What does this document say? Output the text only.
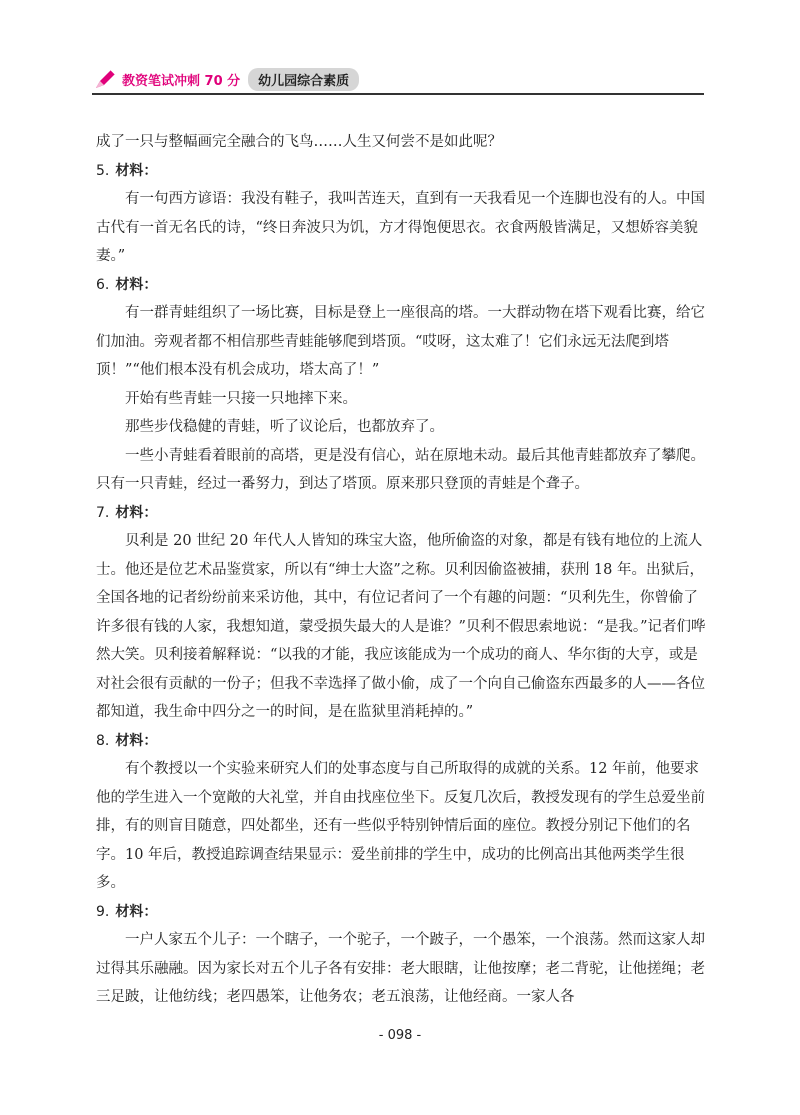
教资笔试冲刺 70 分	幼儿园综合素质

成了一只与整幅画完全融合的飞鸟……人生又何尝不是如此呢？

5. 材料：

有一句西方谚语：我没有鞋子，我叫苦连天，直到有一天我看见一个连脚也没有的人。中国古代有一首无名氏的诗，“终日奔波只为饥，方才得饱便思衣。衣食两般皆满足，又想娇容美貌妻。”

6. 材料：

有一群青蛙组织了一场比赛，目标是登上一座很高的塔。一大群动物在塔下观看比赛，给它们加油。旁观者都不相信那些青蛙能够爬到塔顶。“哎呀，这太难了！它们永远无法爬到塔顶！”“他们根本没有机会成功，塔太高了！”

开始有些青蛙一只接一只地摔下来。

那些步伐稳健的青蛙，听了议论后，也都放弃了。

一些小青蛙看着眼前的高塔，更是没有信心，站在原地未动。最后其他青蛙都放弃了攀爬。只有一只青蛙，经过一番努力，到达了塔顶。原来那只登顶的青蛙是个聋子。

7. 材料：

贝利是 20 世纪 20 年代人人皆知的珠宝大盗，他所偷盗的对象，都是有钱有地位的上流人士。他还是位艺术品鉴赏家，所以有“绅士大盗”之称。贝利因偷盗被捕，获刑 18 年。出狱后，全国各地的记者纷纷前来采访他，其中，有位记者问了一个有趣的问题：“贝利先生，你曾偷了许多很有钱的人家，我想知道，蒙受损失最大的人是谁？”贝利不假思索地说：“是我。”记者们哗然大笑。贝利接着解释说：“以我的才能，我应该能成为一个成功的商人、华尔街的大亨，或是对社会很有贡献的一份子；但我不幸选择了做小偷，成了一个向自己偷盗东西最多的人——各位都知道，我生命中四分之一的时间，是在监狱里消耗掉的。”

8. 材料：

有个教授以一个实验来研究人们的处事态度与自己所取得的成就的关系。12 年前，他要求他的学生进入一个宽敞的大礼堂，并自由找座位坐下。反复几次后，教授发现有的学生总爱坐前排，有的则盲目随意，四处都坐，还有一些似乎特别钟情后面的座位。教授分别记下他们的名字。10 年后，教授追踪调查结果显示：爱坐前排的学生中，成功的比例高出其他两类学生很多。

9. 材料：

一户人家五个儿子：一个瞎子，一个驼子，一个跛子，一个愚笨，一个浪荡。然而这家人却过得其乐融融。因为家长对五个儿子各有安排：老大眼瞎，让他按摩；老二背驼，让他搓绳；老三足跛，让他纺线；老四愚笨，让他务农；老五浪荡，让他经商。一家人各

- 098 -
